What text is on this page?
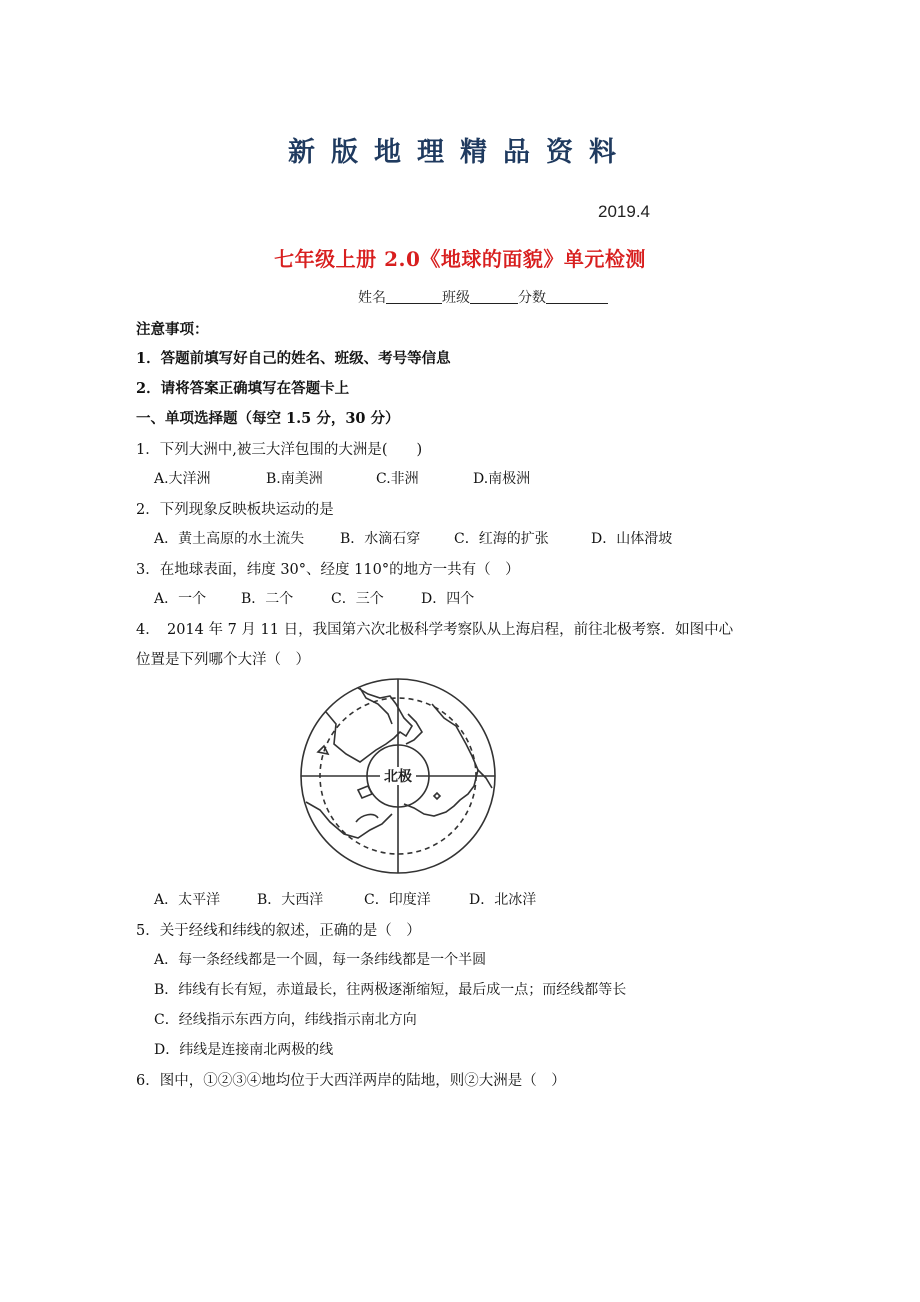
新版地理精品资料
2019.4
七年级上册 2.0《地球的面貌》单元检测
姓名	班级	分数
注意事项：
1．答题前填写好自己的姓名、班级、考号等信息
2．请将答案正确填写在答题卡上
一、单项选择题（每空 1.5 分，30 分）
1．下列大洲中,被三大洋包围的大洲是(　　)
A.大洋洲	B.南美洲	C.非洲	D.南极洲
2．下列现象反映板块运动的是
A．黄土高原的水土流失	B．水滴石穿 C．红海的扩张	D．山体滑坡
3．在地球表面，纬度 30°、经度 110°的地方一共有（　）
A．一个 B．二个	C．三个	D．四个
4．　2014 年 7 月 11 日，我国第六次北极科学考察队从上海启程，前往北极考察．如图中心
位置是下列哪个大洋（　）
北极
A．太平洋	B．大西洋	C．印度洋	D．北冰洋
5．关于经线和纬线的叙述，正确的是（　）
A．每一条经线都是一个圆，每一条纬线都是一个半圆
B．纬线有长有短，赤道最长，往两极逐渐缩短，最后成一点；而经线都等长
C．经线指示东西方向，纬线指示南北方向
D．纬线是连接南北两极的线
6．图中，①②③④地均位于大西洋两岸的陆地，则②大洲是（　）
